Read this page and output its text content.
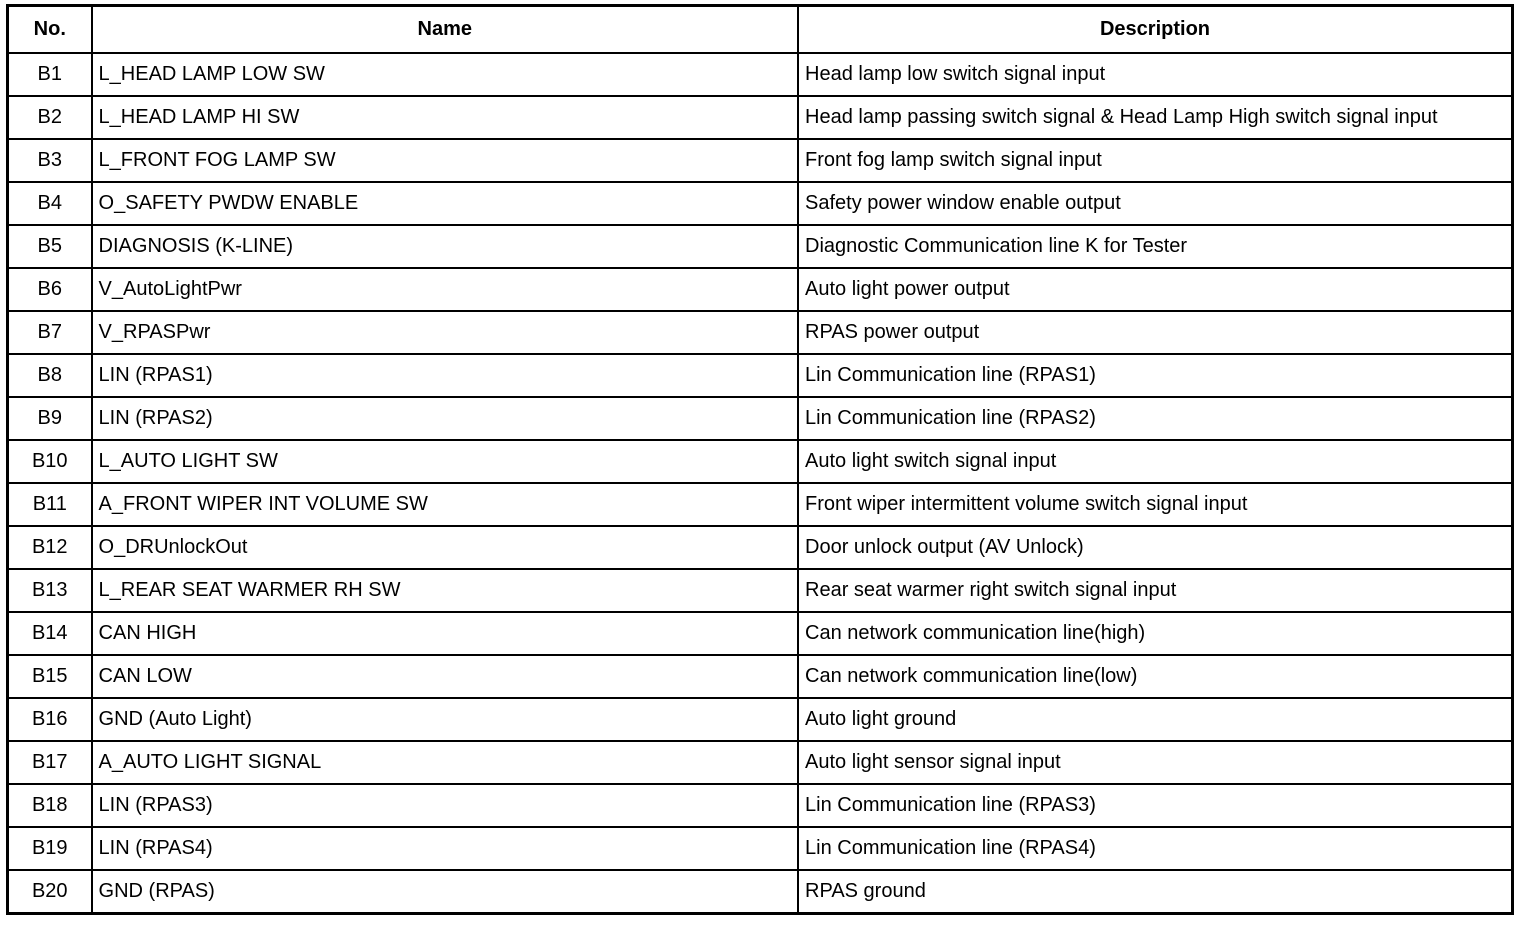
No.	Name	Description
B1	L_HEAD LAMP LOW SW	Head lamp low switch signal input
B2	L_HEAD LAMP HI SW	Head lamp passing switch signal & Head Lamp High switch signal input
B3	L_FRONT FOG LAMP SW	Front fog lamp switch signal input
B4	O_SAFETY PWDW ENABLE	Safety power window enable output
B5	DIAGNOSIS (K-LINE)	Diagnostic Communication line K for Tester
B6	V_AutoLightPwr	Auto light power output
B7	V_RPASPwr	RPAS power output
B8	LIN (RPAS1)	Lin Communication line (RPAS1)
B9	LIN (RPAS2)	Lin Communication line (RPAS2)
B10	L_AUTO LIGHT SW	Auto light switch signal input
B11	A_FRONT WIPER INT VOLUME SW	Front wiper intermittent volume switch signal input
B12	O_DRUnlockOut	Door unlock output (AV Unlock)
B13	L_REAR SEAT WARMER RH SW	Rear seat warmer right switch signal input
B14	CAN HIGH	Can network communication line(high)
B15	CAN LOW	Can network communication line(low)
B16	GND (Auto Light)	Auto light ground
B17	A_AUTO LIGHT SIGNAL	Auto light sensor signal input
B18	LIN (RPAS3)	Lin Communication line (RPAS3)
B19	LIN (RPAS4)	Lin Communication line (RPAS4)
B20	GND (RPAS)	RPAS ground
